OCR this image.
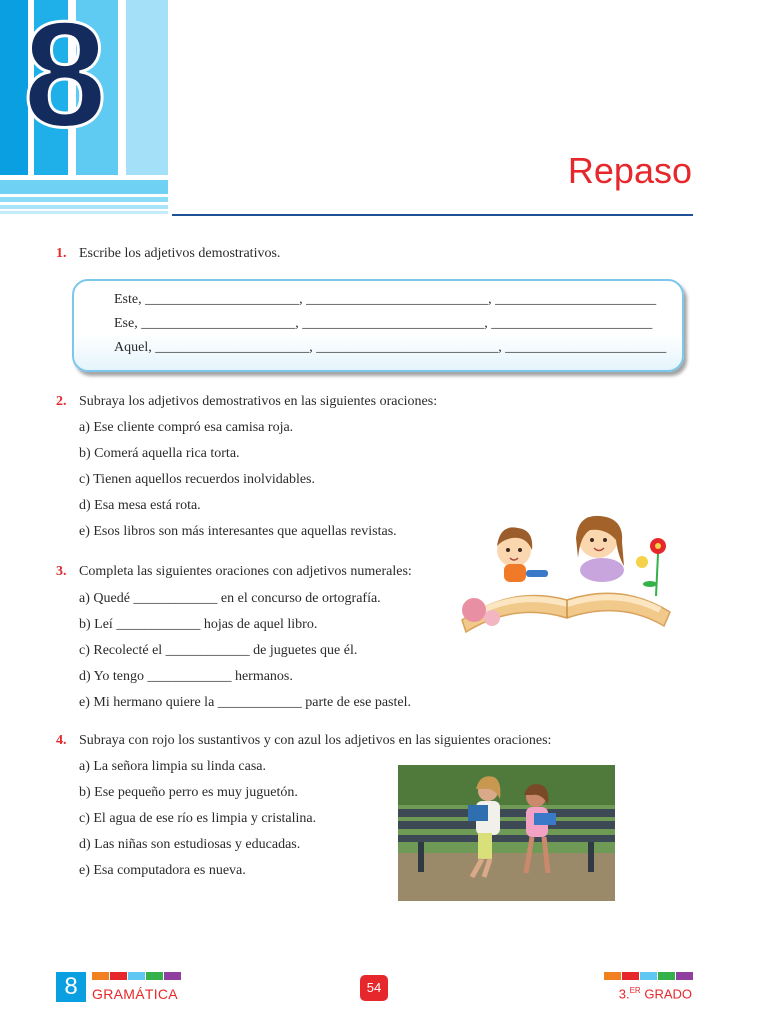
8
Repaso
1. Escribe los adjetivos demostrativos.
Este, ______________________, __________________________, _______________________
Ese, ______________________, __________________________, _______________________
Aquel, ______________________, __________________________, _______________________
2. Subraya los adjetivos demostrativos en las siguientes oraciones:
a) Ese cliente compró esa camisa roja.
b) Comerá aquella rica torta.
c) Tienen aquellos recuerdos inolvidables.
d) Esa mesa está rota.
e) Esos libros son más interesantes que aquellas revistas.
3. Completa las siguientes oraciones con adjetivos numerales:
a) Quedé ____________ en el concurso de ortografía.
b) Leí ____________ hojas de aquel libro.
c) Recolecté el ____________ de juguetes que él.
d) Yo tengo ____________ hermanos.
e) Mi hermano quiere la ____________ parte de ese pastel.
4. Subraya con rojo los sustantivos y con azul los adjetivos en las siguientes oraciones:
a) La señora limpia su linda casa.
b) Ese pequeño perro es muy juguetón.
c) El agua de ese río es limpia y cristalina.
d) Las niñas son estudiosas y educadas.
e) Esa computadora es nueva.
8	GRAMÁTICA	54	3.$^{ER}$ GRADO
